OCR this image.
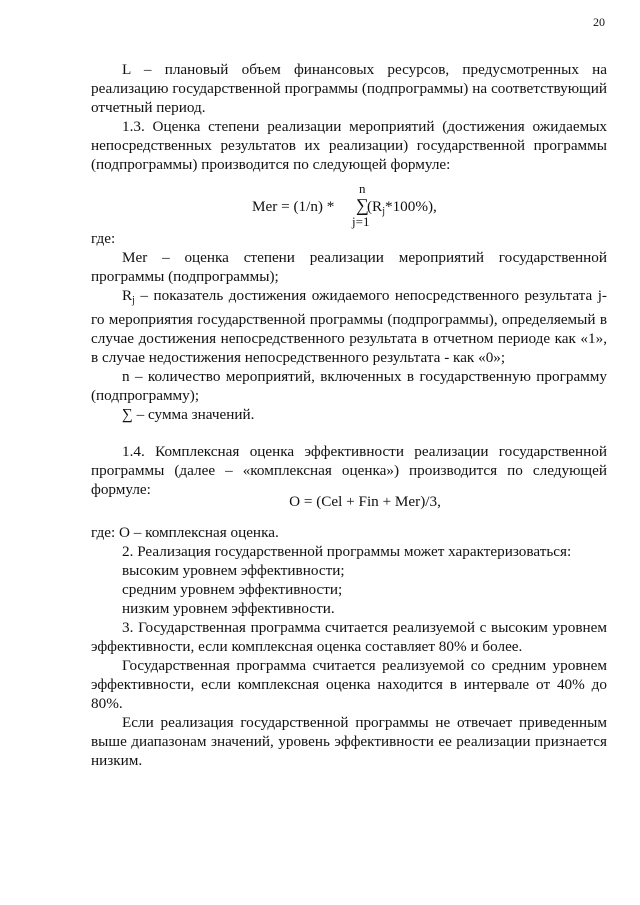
20

L – плановый объем финансовых ресурсов, предусмотренных на реализацию государственной программы (подпрограммы) на соответствующий отчетный период.

1.3. Оценка степени реализации мероприятий (достижения ожидаемых непосредственных результатов их реализации) государственной программы (подпрограммы) производится по следующей формуле:

Mer = (1/n) *
n
∑
$(R_j*100\%)$,
j=1

где:

Mer – оценка степени реализации мероприятий государственной программы (подпрограммы);

$R_j$ – показатель достижения ожидаемого непосредственного результата j-го мероприятия государственной программы (подпрограммы), определяемый в случае достижения непосредственного результата в отчетном периоде как «1», в случае недостижения непосредственного результата - как «0»;

n – количество мероприятий, включенных в государственную программу (подпрограмму);

∑ – сумма значений.

1.4. Комплексная оценка эффективности реализации государственной программы (далее – «комплексная оценка») производится по следующей формуле:

O = (Cel + Fin + Mer)/3,

где: O – комплексная оценка.

2. Реализация государственной программы может характеризоваться:

высоким уровнем эффективности;

средним уровнем эффективности;

низким уровнем эффективности.

3. Государственная программа считается реализуемой с высоким уровнем эффективности, если комплексная оценка составляет 80% и более.

Государственная программа считается реализуемой со средним уровнем эффективности, если комплексная оценка находится в интервале от 40% до 80%.

Если реализация государственной программы не отвечает приведенным выше диапазонам значений, уровень эффективности ее реализации признается низким.
